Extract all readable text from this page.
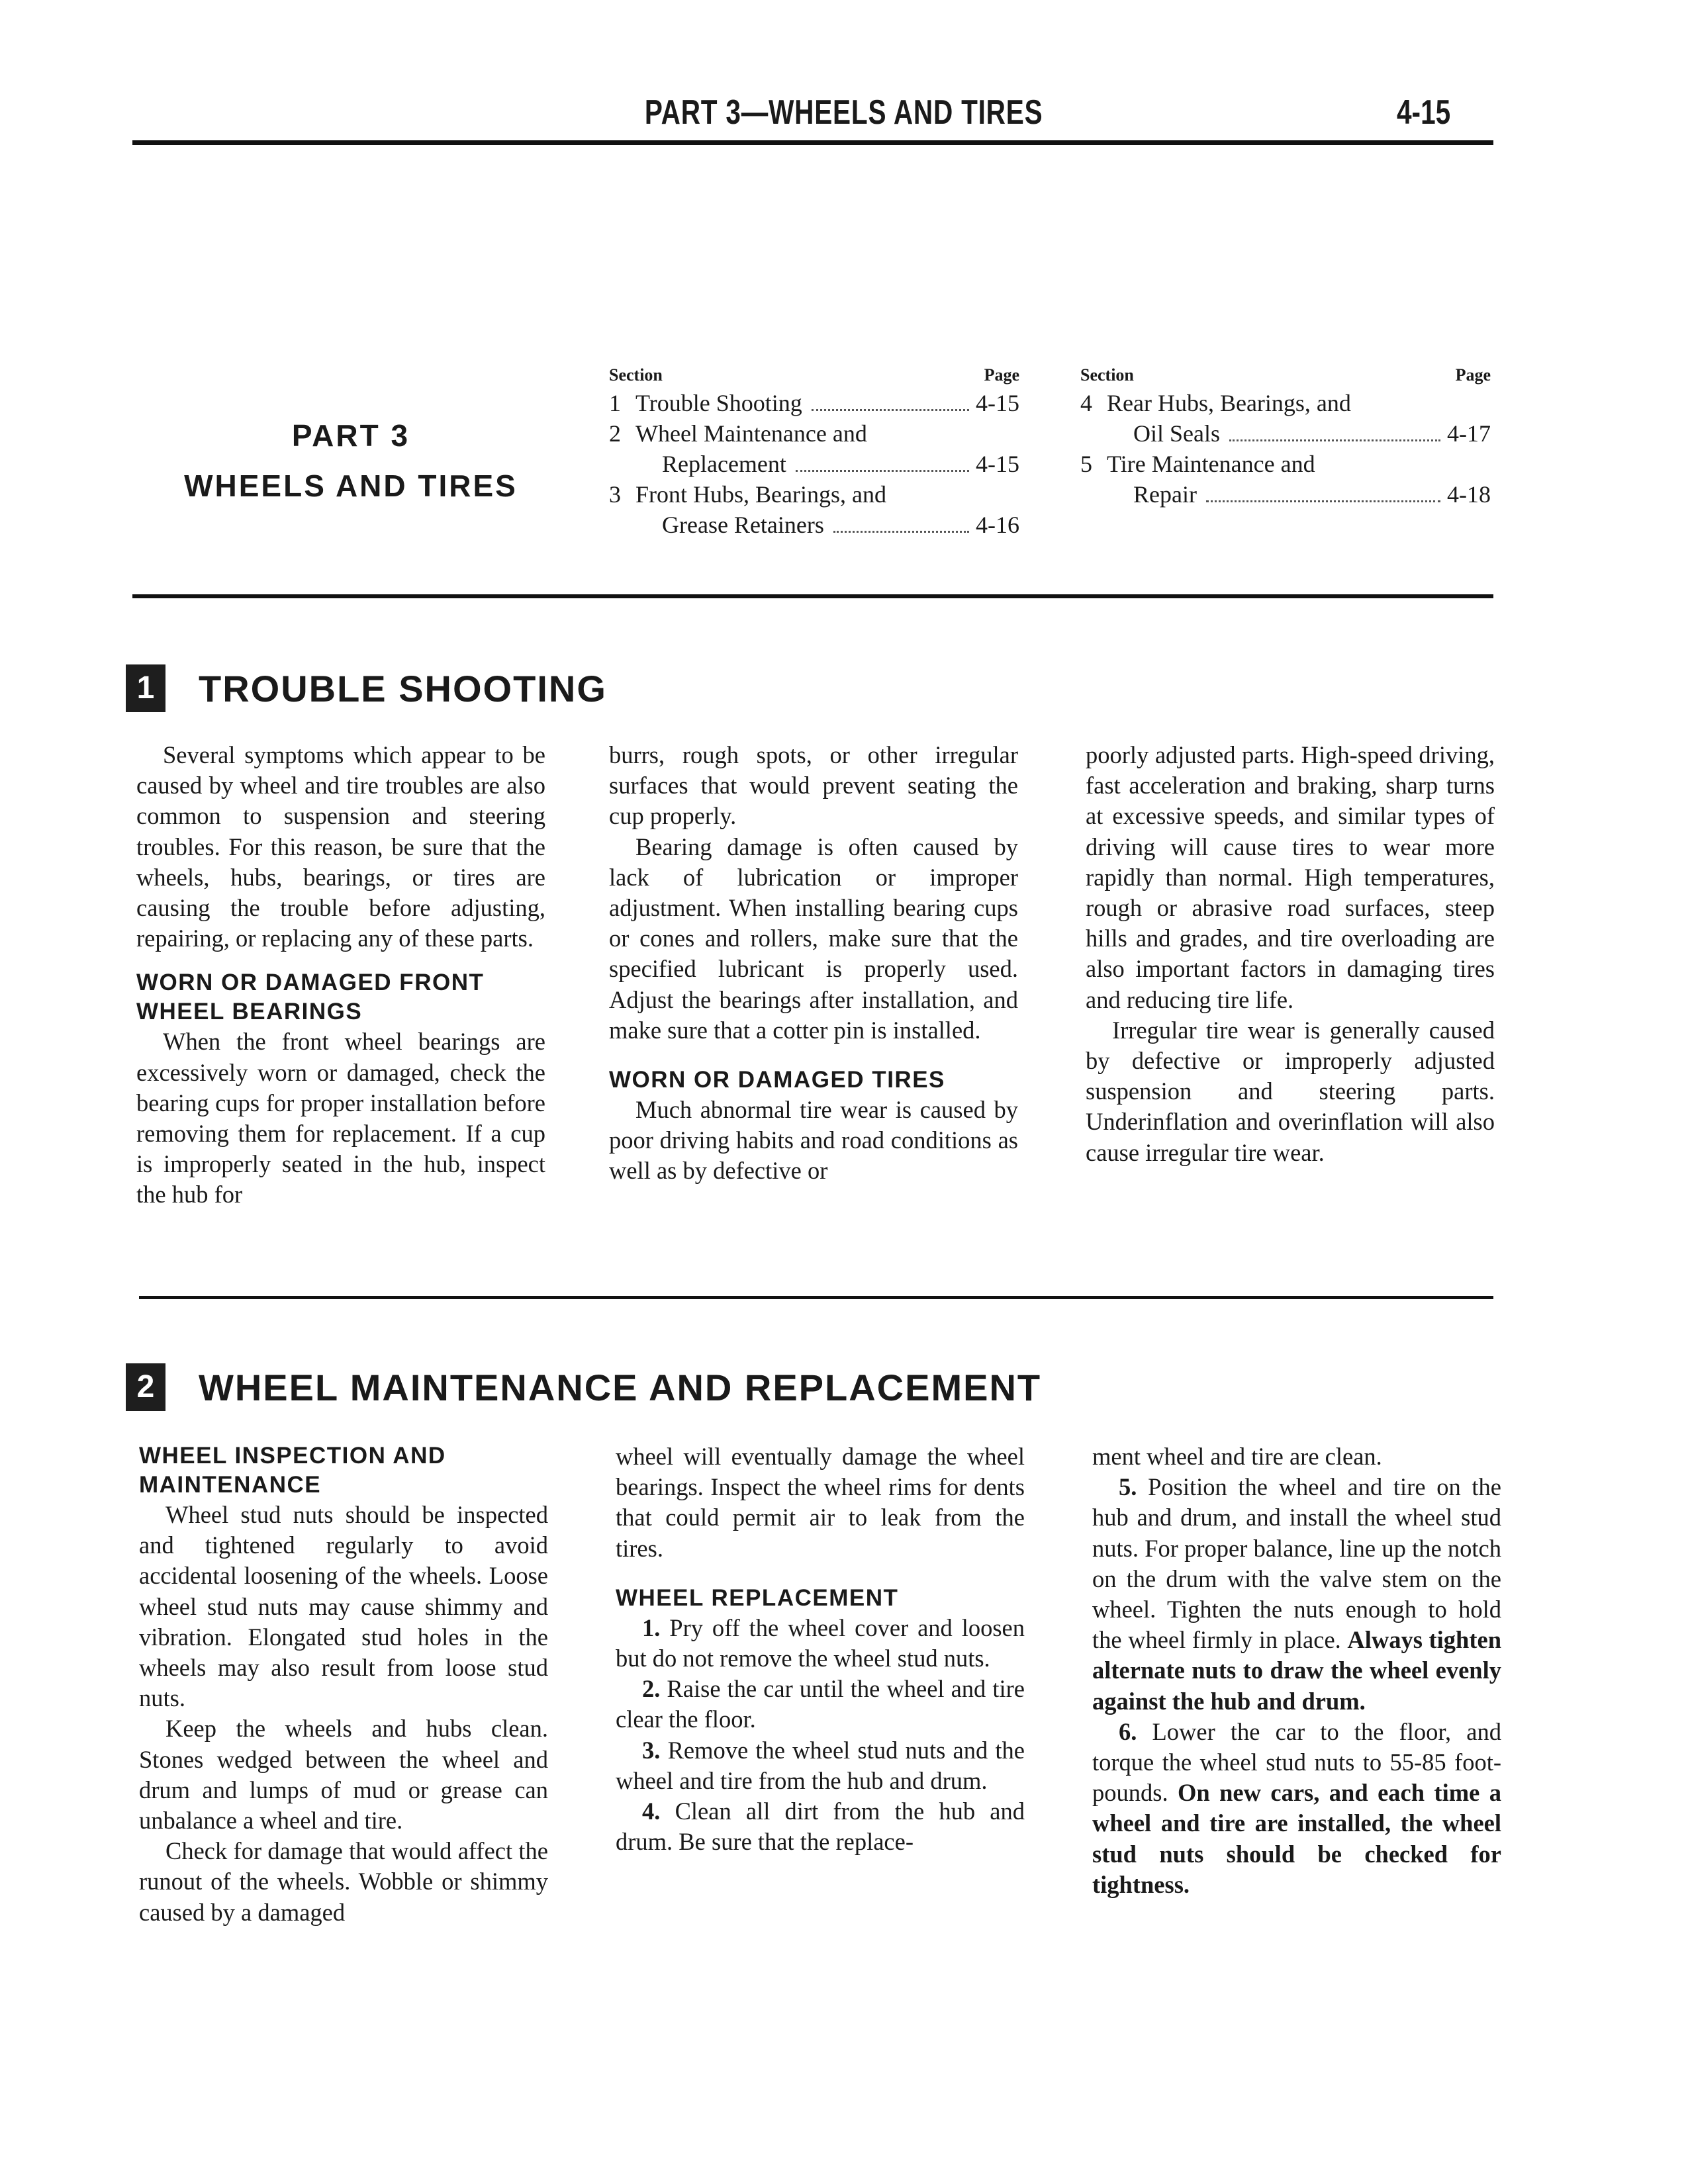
PART 3—WHEELS AND TIRES	4-15
PART 3
WHEELS AND TIRES
Section	Page
1 Trouble Shooting	4-15
2 Wheel Maintenance and
Replacement	4-15
3 Front Hubs, Bearings, and
Grease Retainers	4-16
Section	Page
4 Rear Hubs, Bearings, and
Oil Seals	4-17
5 Tire Maintenance and
Repair	4-18
1 TROUBLE SHOOTING

Several symptoms which appear to be caused by wheel and tire troubles are also common to suspension and steering troubles. For this reason, be sure that the wheels, hubs, bearings, or tires are causing the trouble before adjusting, repairing, or replacing any of these parts.

WORN OR DAMAGED FRONT WHEEL BEARINGS

When the front wheel bearings are excessively worn or damaged, check the bearing cups for proper installation before removing them for replacement. If a cup is improperly seated in the hub, inspect the hub for

burrs, rough spots, or other irregular surfaces that would prevent seating the cup properly.

Bearing damage is often caused by lack of lubrication or improper adjustment. When installing bearing cups or cones and rollers, make sure that the specified lubricant is properly used. Adjust the bearings after installation, and make sure that a cotter pin is installed.

WORN OR DAMAGED TIRES

Much abnormal tire wear is caused by poor driving habits and road conditions as well as by defective or

poorly adjusted parts. High-speed driving, fast acceleration and braking, sharp turns at excessive speeds, and similar types of driving will cause tires to wear more rapidly than normal. High temperatures, rough or abrasive road surfaces, steep hills and grades, and tire overloading are also important factors in damaging tires and reducing tire life.

Irregular tire wear is generally caused by defective or improperly adjusted suspension and steering parts. Underinflation and overinflation will also cause irregular tire wear.

2 WHEEL MAINTENANCE AND REPLACEMENT
WHEEL INSPECTION AND MAINTENANCE

Wheel stud nuts should be inspected and tightened regularly to avoid accidental loosening of the wheels. Loose wheel stud nuts may cause shimmy and vibration. Elongated stud holes in the wheels may also result from loose stud nuts.

Keep the wheels and hubs clean. Stones wedged between the wheel and drum and lumps of mud or grease can unbalance a wheel and tire.

Check for damage that would affect the runout of the wheels. Wobble or shimmy caused by a damaged

wheel will eventually damage the wheel bearings. Inspect the wheel rims for dents that could permit air to leak from the tires.

WHEEL REPLACEMENT

1. Pry off the wheel cover and loosen but do not remove the wheel stud nuts.

2. Raise the car until the wheel and tire clear the floor.

3. Remove the wheel stud nuts and the wheel and tire from the hub and drum.

4. Clean all dirt from the hub and drum. Be sure that the replace-

ment wheel and tire are clean.

5. Position the wheel and tire on the hub and drum, and install the wheel stud nuts. For proper balance, line up the notch on the drum with the valve stem on the wheel. Tighten the nuts enough to hold the wheel firmly in place. Always tighten alternate nuts to draw the wheel evenly against the hub and drum.

6. Lower the car to the floor, and torque the wheel stud nuts to 55-85 foot-pounds. On new cars, and each time a wheel and tire are installed, the wheel stud nuts should be checked for tightness.
